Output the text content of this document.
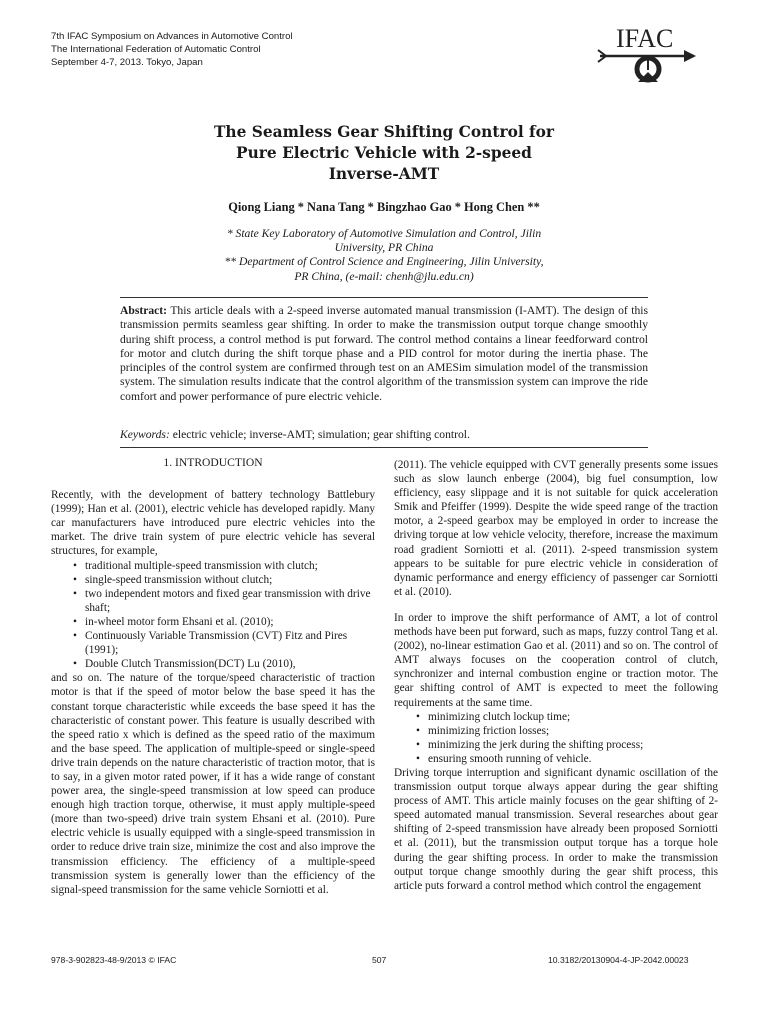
7th IFAC Symposium on Advances in Automotive Control
The International Federation of Automatic Control
September 4-7, 2013. Tokyo, Japan
IFAC
The Seamless Gear Shifting Control for
Pure Electric Vehicle with 2-speed
Inverse-AMT
Qiong Liang * Nana Tang * Bingzhao Gao * Hong Chen **
* State Key Laboratory of Automotive Simulation and Control, Jilin
University, PR China
** Department of Control Science and Engineering, Jilin University,
PR China, (e-mail: chenh@jlu.edu.cn)
Abstract: This article deals with a 2-speed inverse automated manual transmission (I-AMT). The design of this transmission permits seamless gear shifting. In order to make the transmission output torque change smoothly during shift process, a control method is put forward. The control method contains a linear feedforward control for motor and clutch during the shift torque phase and a PID control for motor during the inertia phase. The principles of the control system are confirmed through test on an AMESim simulation model of the transmission system. The simulation results indicate that the control algorithm of the transmission system can improve the ride comfort and power performance of pure electric vehicle.
Keywords: electric vehicle; inverse-AMT; simulation; gear shifting control.
1. INTRODUCTION

Recently, with the development of battery technology Battlebury (1999); Han et al. (2001), electric vehicle has developed rapidly. Many car manufacturers have introduced pure electric vehicles into the market. The drive train system of pure electric vehicle has several structures, for example,

• traditional multiple-speed transmission with clutch;
• single-speed transmission without clutch;
• two independent motors and fixed gear transmission with drive shaft;
• in-wheel motor form Ehsani et al. (2010);
• Continuously Variable Transmission (CVT) Fitz and Pires (1991);
• Double Clutch Transmission(DCT) Lu (2010),

and so on. The nature of the torque/speed characteristic of traction motor is that if the speed of motor below the base speed it has the constant torque characteristic while exceeds the base speed it has the characteristic of constant power. This feature is usually described with the speed ratio x which is defined as the speed ratio of the maximum and the base speed. The application of multiple-speed or single-speed drive train depends on the nature characteristic of traction motor, that is to say, in a given motor rated power, if it has a wide range of constant power area, the single-speed transmission at low speed can produce enough high traction torque, otherwise, it must apply multiple-speed (more than two-speed) drive train system Ehsani et al. (2010). Pure electric vehicle is usually equipped with a single-speed transmission in order to reduce drive train size, minimize the cost and also improve the transmission efficiency. The efficiency of a multiple-speed transmission system is generally lower than the efficiency of the signal-speed transmission for the same vehicle Sorniotti et al.

(2011). The vehicle equipped with CVT generally presents some issues such as slow launch enberge (2004), big fuel consumption, low efficiency, easy slippage and it is not suitable for quick acceleration Smik and Pfeiffer (1999). Despite the wide speed range of the traction motor, a 2-speed gearbox may be employed in order to increase the driving torque at low vehicle velocity, therefore, increase the maximum road gradient Sorniotti et al. (2011). 2-speed transmission system appears to be suitable for pure electric vehicle in consideration of dynamic performance and energy efficiency of passenger car Sorniotti et al. (2010).

In order to improve the shift performance of AMT, a lot of control methods have been put forward, such as maps, fuzzy control Tang et al. (2002), no-linear estimation Gao et al. (2011) and so on. The control of AMT always focuses on the cooperation control of clutch, synchronizer and internal combustion engine or traction motor. The gear shifting control of AMT is expected to meet the following requirements at the same time.

• minimizing clutch lockup time;
• minimizing friction losses;
• minimizing the jerk during the shifting process;
• ensuring smooth running of vehicle.

Driving torque interruption and significant dynamic oscillation of the transmission output torque always appear during the gear shifting process of AMT. This article mainly focuses on the gear shifting of 2-speed automated manual transmission. Several researches about gear shifting of 2-speed transmission have already been proposed Sorniotti et al. (2011), but the transmission output torque has a torque hole during the gear shifting process. In order to make the transmission output torque change smoothly during the gear shift process, this article puts forward a control method which control the engagement

978-3-902823-48-9/2013 © IFAC	507	10.3182/20130904-4-JP-2042.00023
